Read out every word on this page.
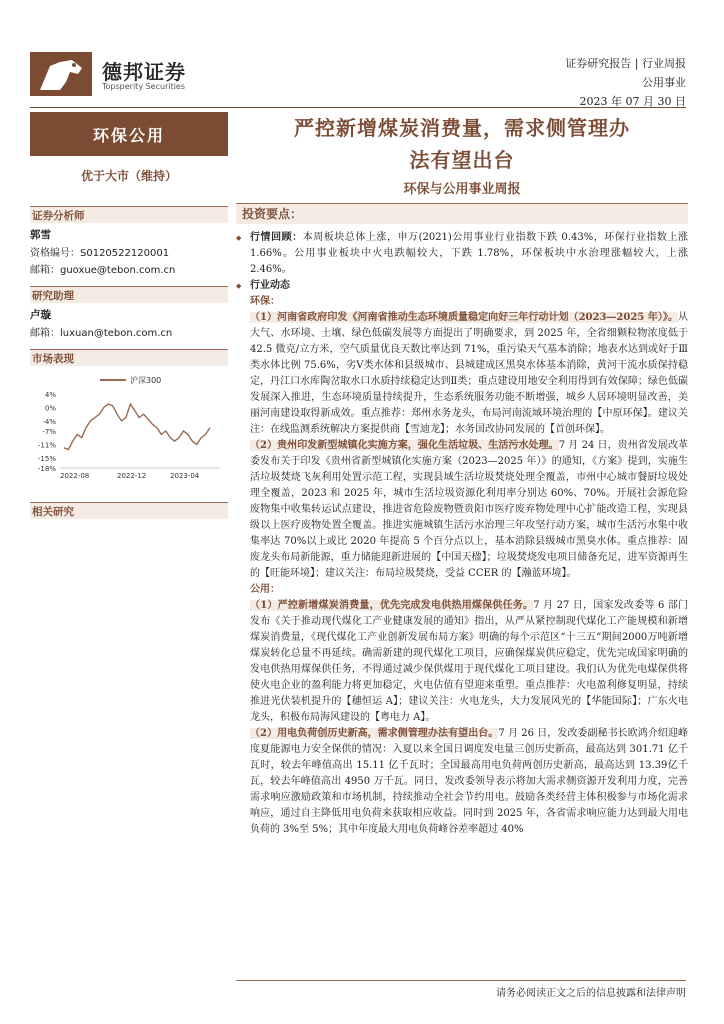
德邦证券
Topsperity Securities
证券研究报告 | 行业周报
公用事业
2023 年 07 月 30 日
环保公用
优于大市（维持）
证券分析师
郭雪
资格编号：S0120522120001
邮箱：guoxue@tebon.com.cn
研究助理
卢璇
邮箱：luxuan@tebon.com.cn
市场表现
沪深300
4%
0%
-4%
-7%
-11%
-15%
-18%
2022-08	2022-12	2023-04
相关研究
严控新增煤炭消费量，需求侧管理办
法有望出台
环保与公用事业周报
投资要点：

◆ 行情回顾：本周板块总体上涨，申万(2021)公用事业行业指数下跌 0.43%，环保行业指数上涨 1.66%。公用事业板块中火电跌幅较大，下跌 1.78%，环保板块中水治理涨幅较大，上涨 2.46%。

◆ 行业动态

环保：

（1）河南省政府印发《河南省推动生态环境质量稳定向好三年行动计划（2023—2025 年）》。从大气、水环境、土壤、绿色低碳发展等方面提出了明确要求，到 2025 年，全省细颗粒物浓度低于 42.5 微克/立方米，空气质量优良天数比率达到 71%，重污染天气基本消除；地表水达到或好于Ⅲ类水体比例 75.6%，劣Ⅴ类水体和县级城市、县城建成区黑臭水体基本消除，黄河干流水质保持稳定，丹江口水库陶岔取水口水质持续稳定达到Ⅱ类；重点建设用地安全利用得到有效保障；绿色低碳发展深入推进，生态环境质量持续提升，生态系统服务功能不断增强，城乡人居环境明显改善，美丽河南建设取得新成效。重点推荐：郑州水务龙头，布局河南流域环境治理的【中原环保】。建议关注：在线监测系统解决方案提供商【雪迪龙】；水务国改协同发展的【首创环保】。

（2）贵州印发新型城镇化实施方案，强化生活垃圾、生活污水处理。7 月 24 日，贵州省发展改革委发布关于印发《贵州省新型城镇化实施方案（2023—2025 年）》的通知，《方案》提到，实施生活垃圾焚烧飞灰利用处置示范工程，实现县域生活垃圾焚烧处理全覆盖，市州中心城市餐厨垃圾处理全覆盖，2023 和 2025 年，城市生活垃圾资源化利用率分别达 60%、70%。开展社会源危险废物集中收集转运试点建设，推进省危险废物暨贵阳市医疗废弃物处理中心扩能改造工程，实现县级以上医疗废物处置全覆盖。推进实施城镇生活污水治理三年攻坚行动方案，城市生活污水集中收集率达 70%以上或比 2020 年提高 5 个百分点以上，基本消除县级城市黑臭水体。重点推荐：固废龙头布局新能源，重力储能迎新进展的【中国天楹】；垃圾焚烧发电项目储备充足，进军资源再生的【旺能环境】；建议关注：布局垃圾焚烧，受益 CCER 的【瀚蓝环境】。

公用：

（1）严控新增煤炭消费量，优先完成发电供热用煤保供任务。7 月 27 日，国家发改委等 6 部门发布《关于推动现代煤化工产业健康发展的通知》指出，从严从紧控制现代煤化工产能规模和新增煤炭消费量，《现代煤化工产业创新发展布局方案》明确的每个示范区“十三五”期间2000万吨新增煤炭转化总量不再延续。确需新建的现代煤化工项目，应确保煤炭供应稳定，优先完成国家明确的发电供热用煤保供任务，不得通过减少保供煤用于现代煤化工项目建设。我们认为优先电煤保供将使火电企业的盈利能力将更加稳定，火电估值有望迎来重塑。重点推荐：火电盈利修复明显，持续推进光伏装机提升的【穗恒运 A】；建议关注：火电龙头，大力发展风光的【华能国际】；广东火电龙头，积极布局海风建设的【粤电力 A】。

（2）用电负荷创历史新高，需求侧管理办法有望出台。7 月 26 日，发改委副秘书长欧鸿介绍迎峰度夏能源电力安全保供的情况：入夏以来全国日调度发电量三创历史新高，最高达到 301.71 亿千瓦时，较去年峰值高出 15.11 亿千瓦时；全国最高用电负荷两创历史新高，最高达到 13.39亿千瓦，较去年峰值高出 4950 万千瓦。同日，发改委领导表示将加大需求侧资源开发利用力度，完善需求响应激励政策和市场机制，持续推动全社会节约用电。鼓励各类经营主体积极参与市场化需求响应，通过自主降低用电负荷来获取相应收益。同时到 2025 年，各省需求响应能力达到最大用电负荷的 3%至 5%；其中年度最大用电负荷峰谷差率超过 40%

请务必阅读正文之后的信息披露和法律声明
